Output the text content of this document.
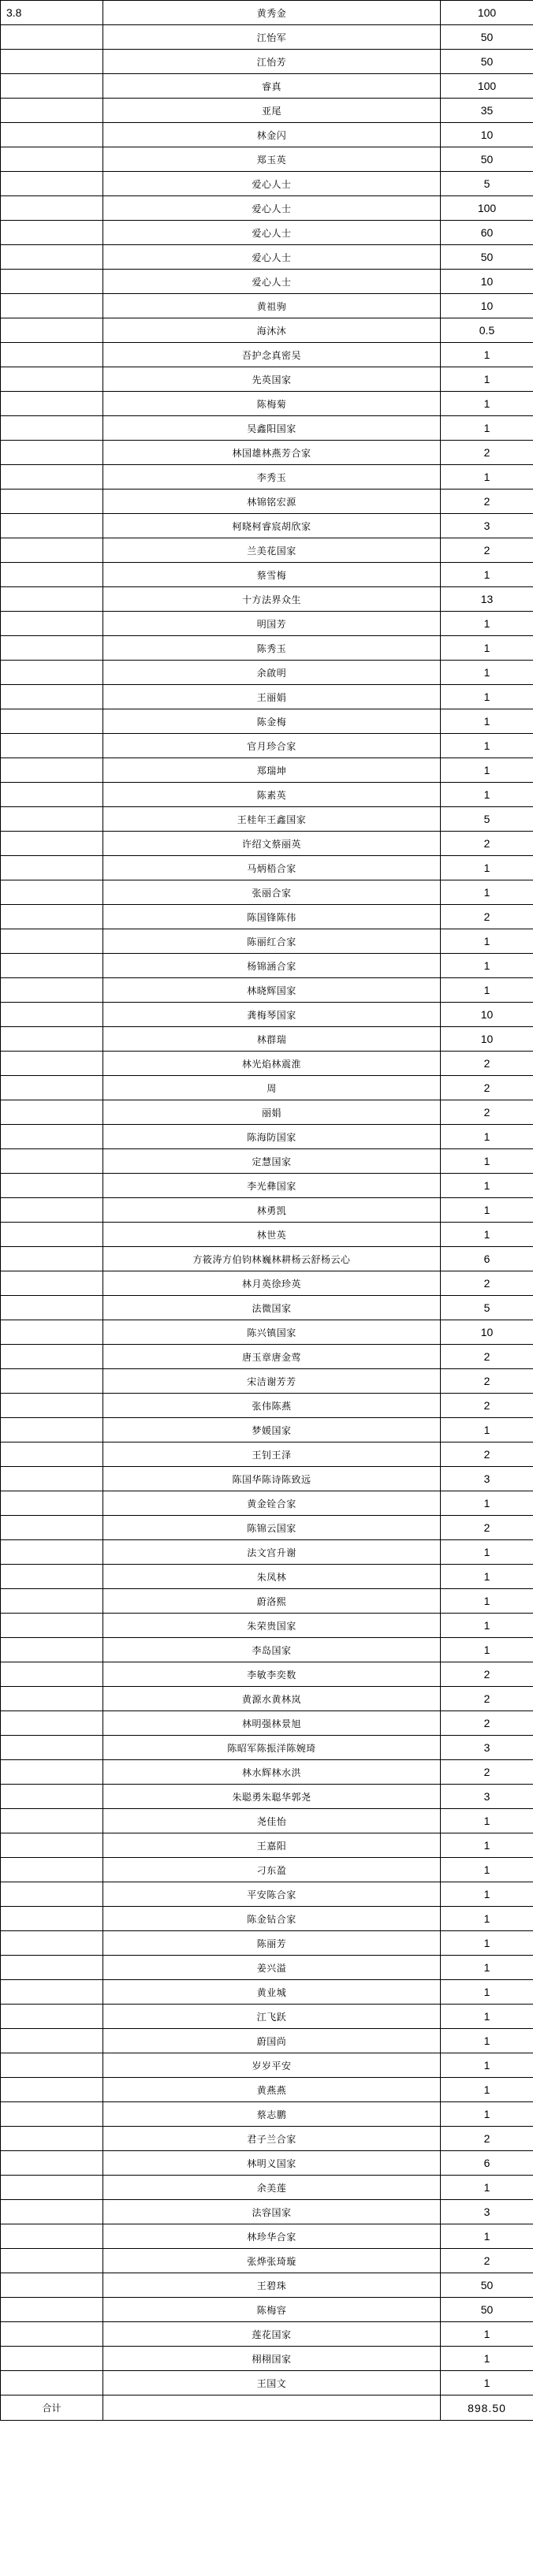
3.8	黄秀金	100
	江怡军	50
	江怡芳	50
	睿真	100
	亚尾	35
	林金闪	10
	郑玉英	50
	爱心人士	5
	爱心人士	100
	爱心人士	60
	爱心人士	50
	爱心人士	10
	黄祖驹	10
	海沐沐	0.5
	吾护念真密吴	1
	先英国家	1
	陈梅菊	1
	吴鑫阳国家	1
	林国雄林燕芳合家	2
	李秀玉	1
	林锦铭宏源	2
	柯晓柯睿宸胡欣家	3
	兰美花国家	2
	蔡雪梅	1
	十方法界众生	13
	明国芳	1
	陈秀玉	1
	余啟明	1
	王丽娟	1
	陈金梅	1
	官月珍合家	1
	郑瑞坤	1
	陈素英	1
	王桂年王鑫国家	5
	许绍文蔡丽英	2
	马炳梧合家	1
	张丽合家	1
	陈国锋陈伟	2
	陈丽红合家	1
	杨锦涵合家	1
	林晓辉国家	1
	龚梅琴国家	10
	林群瑞	10
	林光焰林震淮	2
	周	2
	丽娟	2
	陈海防国家	1
	定慧国家	1
	李光彝国家	1
	林勇凯	1
	林世英	1
	方筱涛方伯钧林巍林耕杨云舒杨云心	6
	林月英徐珍英	2
	法微国家	5
	陈兴镇国家	10
	唐玉章唐金莺	2
	宋洁谢芳芳	2
	张伟陈燕	2
	梦媛国家	1
	王钊王泽	2
	陈国华陈诗陈致远	3
	黄金铨合家	1
	陈锦云国家	2
	法文宫升谢	1
	朱凤林	1
	蔚洛熙	1
	朱荣贵国家	1
	李岛国家	1
	李敏李奕数	2
	黄源水黄林岚	2
	林明强林景旭	2
	陈昭军陈振洋陈婉琦	3
	林水辉林水洪	2
	朱聪勇朱聪华郭尧	3
	尧佳怡	1
	王嘉阳	1
	刁东盈	1
	平安陈合家	1
	陈金钻合家	1
	陈丽芳	1
	姜兴溢	1
	黄业城	1
	江飞跃	1
	蔚国尚	1
	岁岁平安	1
	黄燕燕	1
	蔡志鹏	1
	君子兰合家	2
	林明义国家	6
	余美莲	1
	法容国家	3
	林珍华合家	1
	张烨张琦璇	2
	王碧珠	50
	陈梅容	50
	莲花国家	1
	栩栩国家	1
	王国文	1
合计		898.50
